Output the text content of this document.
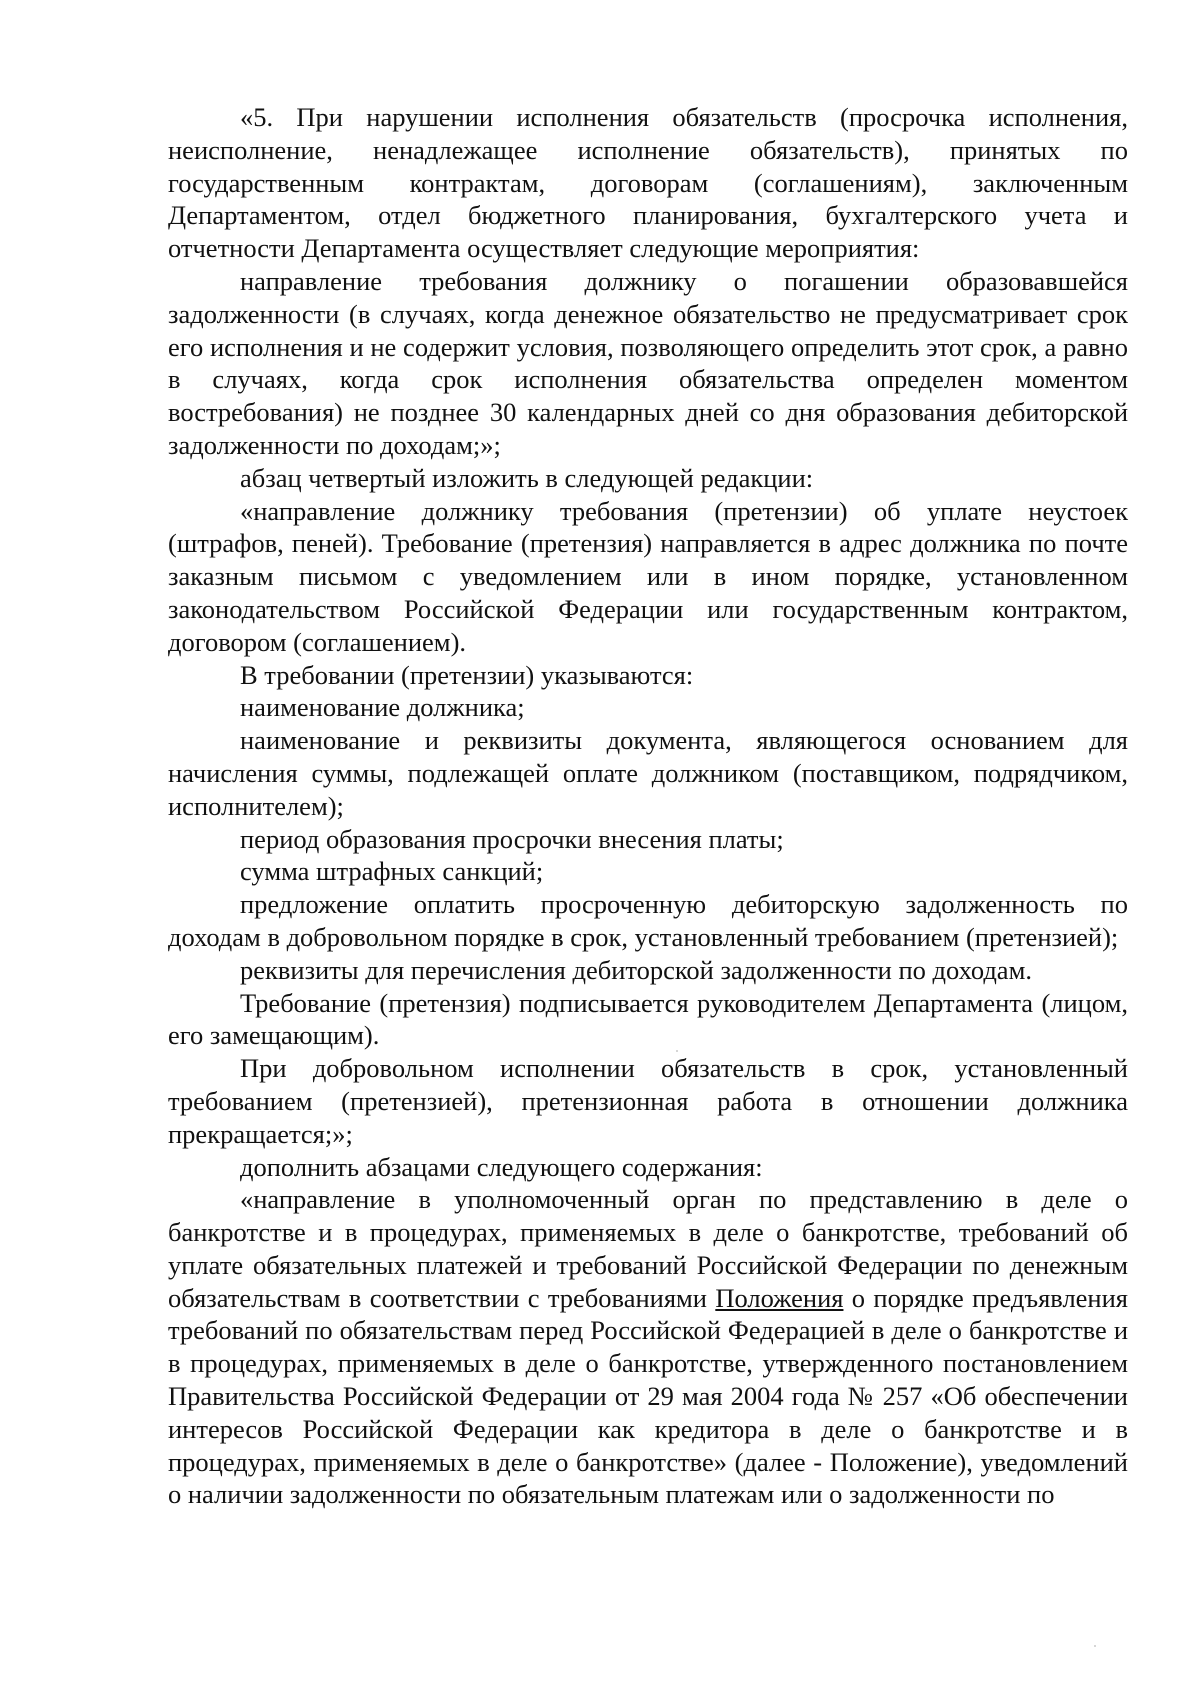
«5. При нарушении исполнения обязательств (просрочка исполнения, неисполнение, ненадлежащее исполнение обязательств), принятых по государственным контрактам, договорам (соглашениям), заключенным Департаментом, отдел бюджетного планирования, бухгалтерского учета и отчетности Департамента осуществляет следующие мероприятия:

направление требования должнику о погашении образовавшейся задолженности (в случаях, когда денежное обязательство не предусматривает срок его исполнения и не содержит условия, позволяющего определить этот срок, а равно в случаях, когда срок исполнения обязательства определен моментом востребования) не позднее 30 календарных дней со дня образования дебиторской задолженности по доходам;»;

абзац четвертый изложить в следующей редакции:

«направление должнику требования (претензии) об уплате неустоек (штрафов, пеней). Требование (претензия) направляется в адрес должника по почте заказным письмом с уведомлением или в ином порядке, установленном законодательством Российской Федерации или государственным контрактом, договором (соглашением).

В требовании (претензии) указываются:

наименование должника;

наименование и реквизиты документа, являющегося основанием для начисления суммы, подлежащей оплате должником (поставщиком, подрядчиком, исполнителем);

период образования просрочки внесения платы;

сумма штрафных санкций;

предложение оплатить просроченную дебиторскую задолженность по доходам в добровольном порядке в срок, установленный требованием (претензией);

реквизиты для перечисления дебиторской задолженности по доходам.

Требование (претензия) подписывается руководителем Департамента (лицом, его замещающим).

При добровольном исполнении обязательств в срок, установленный требованием (претензией), претензионная работа в отношении должника прекращается;»;

дополнить абзацами следующего содержания:

«направление в уполномоченный орган по представлению в деле о банкротстве и в процедурах, применяемых в деле о банкротстве, требований об уплате обязательных платежей и требований Российской Федерации по денежным обязательствам в соответствии с требованиями Положения о порядке предъявления требований по обязательствам перед Российской Федерацией в деле о банкротстве и в процедурах, применяемых в деле о банкротстве, утвержденного постановлением Правительства Российской Федерации от 29 мая 2004 года № 257 «Об обеспечении интересов Российской Федерации как кредитора в деле о банкротстве и в процедурах, применяемых в деле о банкротстве» (далее - Положение), уведомлений о наличии задолженности по обязательным платежам или о задолженности по
